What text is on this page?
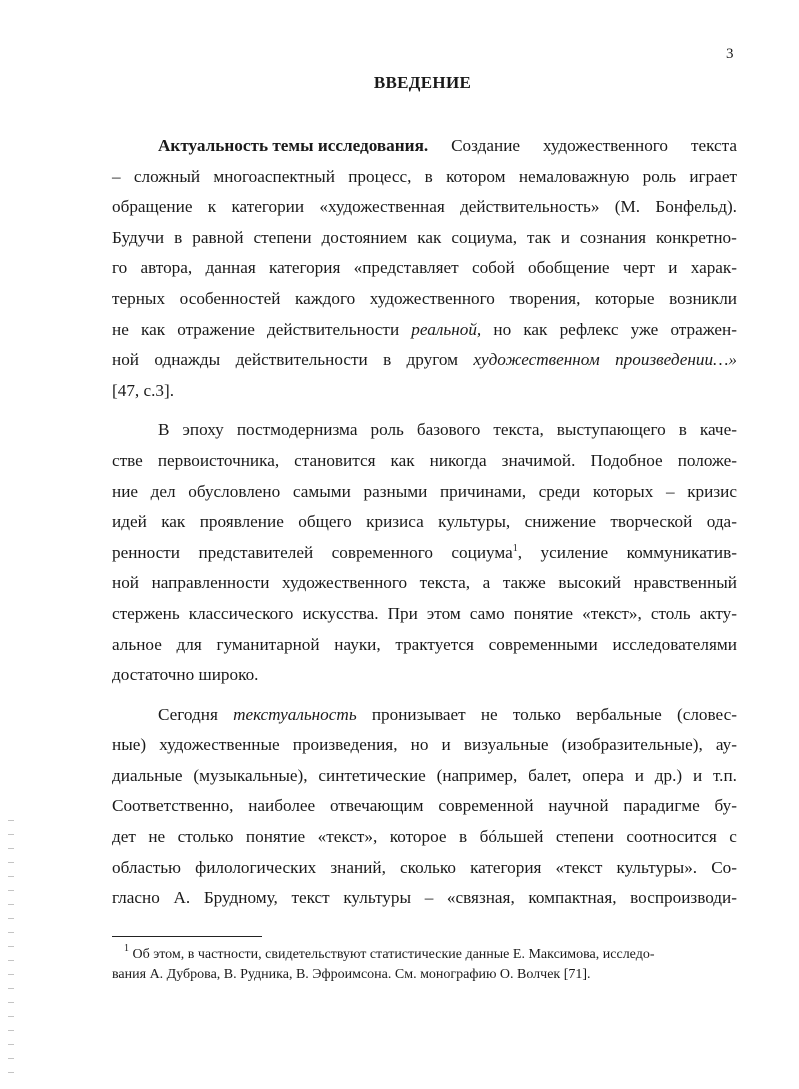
3
ВВЕДЕНИЕ
Актуальность темы исследования. Создание художественного текста
– сложный многоаспектный процесс, в котором немаловажную роль играет
обращение к категории «художественная действительность» (М. Бонфельд).
Будучи в равной степени достоянием как социума, так и сознания конкретно-
го автора, данная категория «представляет собой обобщение черт и харак-
терных особенностей каждого художественного творения, которые возникли
не как отражение действительности реальной, но как рефлекс уже отражен-
ной однажды действительности в другом художественном произведении…»
[47, с.3].
В эпоху постмодернизма роль базового текста, выступающего в каче-
стве первоисточника, становится как никогда значимой. Подобное положе-
ние дел обусловлено самыми разными причинами, среди которых – кризис
идей как проявление общего кризиса культуры, снижение творческой ода-
ренности представителей современного социума$^1$, усиление коммуникатив-
ной направленности художественного текста, а также высокий нравственный
стержень классического искусства. При этом само понятие «текст», столь акту-
альное для гуманитарной науки, трактуется современными исследователями
достаточно широко.
Сегодня текстуальность пронизывает не только вербальные (словес-
ные) художественные произведения, но и визуальные (изобразительные), ау-
диальные (музыкальные), синтетические (например, балет, опера и др.) и т.п.
Соответственно, наиболее отвечающим современной научной парадигме бу-
дет не столько понятие «текст», которое в бóльшей степени соотносится с
областью филологических знаний, сколько категория «текст культуры». Со-
гласно А. Брудному, текст культуры – «связная, компактная, воспроизводи-
$^1$ Об этом, в частности, свидетельствуют статистические данные Е. Максимова, исследо-
вания А. Дуброва, В. Рудника, В. Эфроимсона. См. монографию О. Волчек [71].
